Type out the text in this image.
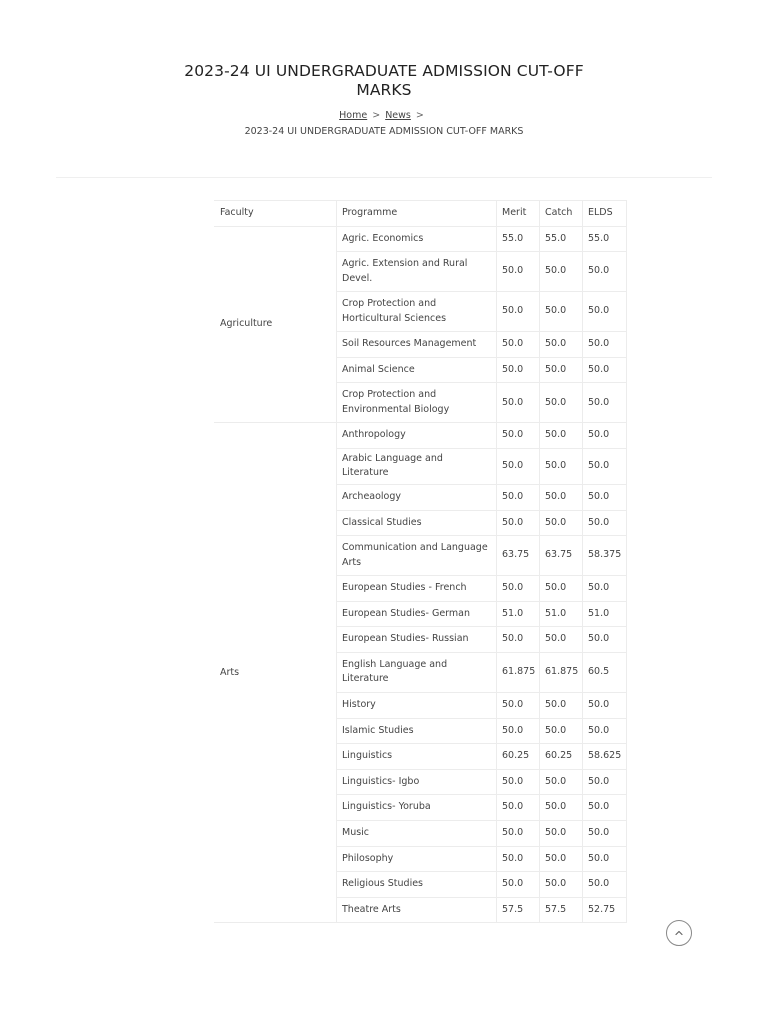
2023-24 UI UNDERGRADUATE ADMISSION CUT-OFF MARKS
Home > News >
2023-24 UI UNDERGRADUATE ADMISSION CUT-OFF MARKS
Faculty	Programme	Merit	Catch	ELDS
Agriculture	Agric. Economics	55.0	55.0	55.0
	Agric. Extension and Rural Devel.	50.0	50.0	50.0
	Crop Protection and Horticultural Sciences	50.0	50.0	50.0
	Soil Resources Management	50.0	50.0	50.0
	Animal Science	50.0	50.0	50.0
	Crop Protection and Environmental Biology	50.0	50.0	50.0
Arts	Anthropology	50.0	50.0	50.0
	Arabic Language and Literature	50.0	50.0	50.0
	Archeaology	50.0	50.0	50.0
	Classical Studies	50.0	50.0	50.0
	Communication and Language Arts	63.75	63.75	58.375
	European Studies - French	50.0	50.0	50.0
	European Studies- German	51.0	51.0	51.0
	European Studies- Russian	50.0	50.0	50.0
	English Language and Literature	61.875	61.875	60.5
	History	50.0	50.0	50.0
	Islamic Studies	50.0	50.0	50.0
	Linguistics	60.25	60.25	58.625
	Linguistics- Igbo	50.0	50.0	50.0
	Linguistics- Yoruba	50.0	50.0	50.0
	Music	50.0	50.0	50.0
	Philosophy	50.0	50.0	50.0
	Religious Studies	50.0	50.0	50.0
	Theatre Arts	57.5	57.5	52.75
